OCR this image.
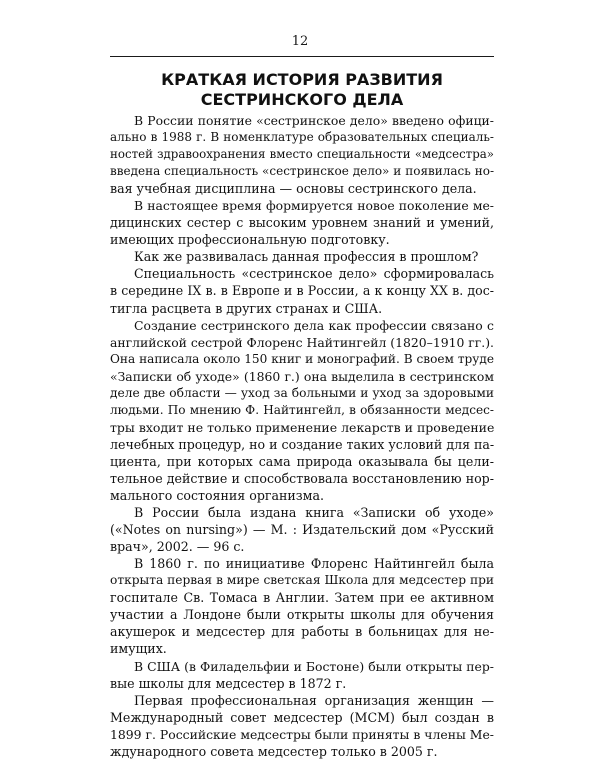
12
КРАТКАЯ ИСТОРИЯ РАЗВИТИЯ
СЕСТРИНСКОГО ДЕЛА

В России понятие «сестринское дело» введено офици-
ально в 1988 г. В номенклатуре образовательных специаль-
ностей здравоохранения вместо специальности «медсестра»
введена специальность «сестринское дело» и появилась но-
вая учебная дисциплина — основы сестринского дела.

В настоящее время формируется новое поколение ме-
дицинских сестер с высоким уровнем знаний и умений,
имеющих профессиональную подготовку.

Как же развивалась данная профессия в прошлом?

Специальность «сестринское дело» сформировалась
в середине IX в. в Европе и в России, а к концу XX в. дос-
тигла расцвета в других странах и США.

Создание сестринского дела как профессии связано с
английской сестрой Флоренс Найтингейл (1820–1910 гг.).
Она написала около 150 книг и монографий. В своем труде
«Записки об уходе» (1860 г.) она выделила в сестринском
деле две области — уход за больными и уход за здоровыми
людьми. По мнению Ф. Найтингейл, в обязанности медсес-
тры входит не только применение лекарств и проведение
лечебных процедур, но и создание таких условий для па-
циента, при которых сама природа оказывала бы цели-
тельное действие и способствовала восстановлению нор-
мального состояния организма.

В России была издана книга «Записки об уходе»
(«Notes on nursing») — М. : Издательский дом «Русский
врач», 2002. — 96 с.

В 1860 г. по инициативе Флоренс Найтингейл была
открыта первая в мире светская Школа для медсестер при
госпитале Св. Томаса в Англии. Затем при ее активном
участии а Лондоне были открыты школы для обучения
акушерок и медсестер для работы в больницах для не-
имущих.

В США (в Филадельфии и Бостоне) были открыты пер-
вые школы для медсестер в 1872 г.

Первая профессиональная организация женщин —
Международный совет медсестер (МСМ) был создан в
1899 г. Российские медсестры были приняты в члены Ме-
ждународного совета медсестер только в 2005 г.
